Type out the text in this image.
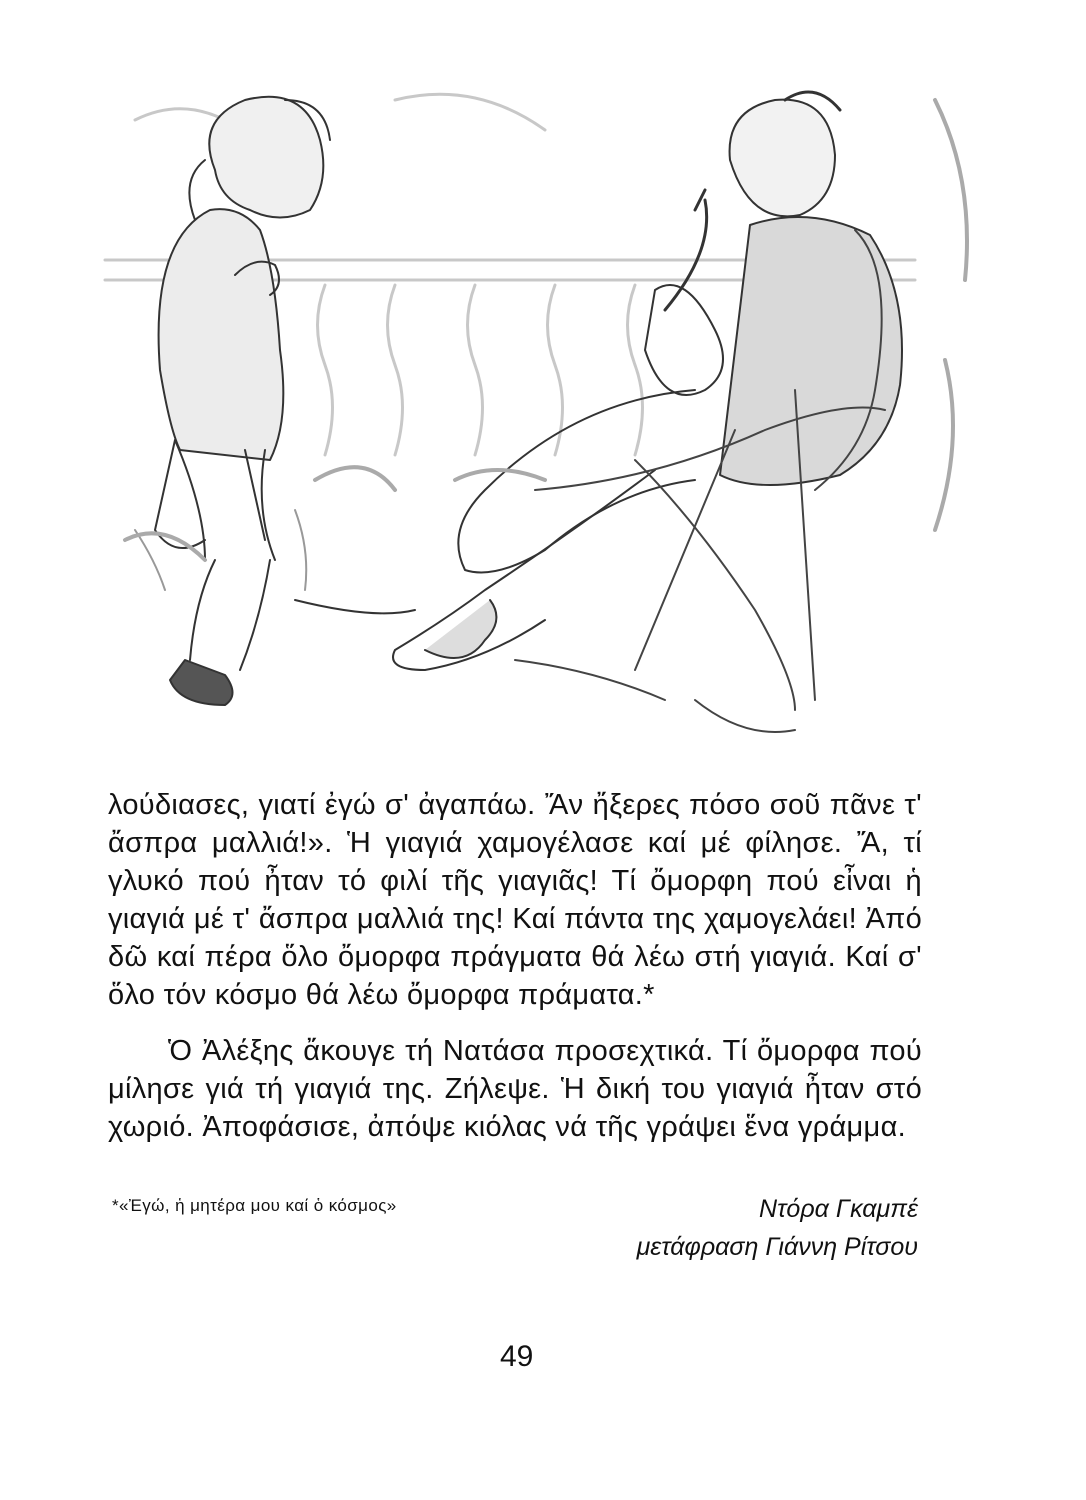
λούδιασες, γιατί ἐγώ σ' ἀγαπάω. Ἄν ἤξερες πόσο σοῦ πᾶνε τ' ἄσπρα μαλλιά!». Ἡ γιαγιά χαμογέλασε καί μέ φίλησε. Ἄ, τί γλυκό πού ἦταν τό φιλί τῆς γιαγιᾶς! Τί ὄμορφη πού εἶναι ἡ γιαγιά μέ τ' ἄσπρα μαλλιά της! Καί πάντα της χαμογελάει! Ἀπό δῶ καί πέρα ὅλο ὄμορφα πράγματα θά λέω στή γιαγιά. Καί σ' ὅλο τόν κόσμο θά λέω ὄμορφα πράματα.*
Ὁ Ἀλέξης ἄκουγε τή Νατάσα προσεχτικά. Τί ὄμορφα πού μίλησε γιά τή γιαγιά της. Ζήλεψε. Ἡ δική του γιαγιά ἦταν στό χωριό. Ἀποφάσισε, ἀπόψε κιόλας νά τῆς γράψει ἕνα γράμμα.
*«Ἐγώ, ἡ μητέρα μου καί ὁ κόσμος»	Ντόρα Γκαμπέ
μετάφραση Γιάννη Ρίτσου
49
